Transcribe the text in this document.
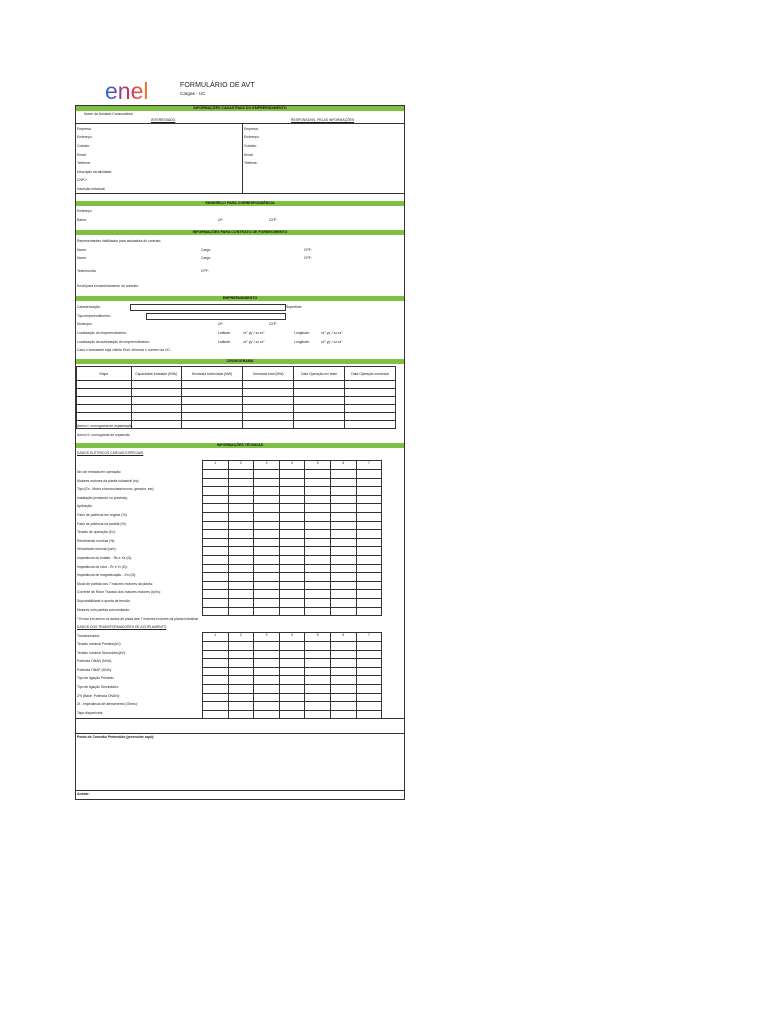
enel	FORMULÁRIO DE AVT
Cargas - UC
INFORMAÇÕES CADASTRAIS DO EMPREENDIMENTO
Nome da Unidade Consumidora:
INTERESSADO	RESPONSÁVEL PELAS INFORMAÇÕES
Empresa:
Endereço:
Contato:
Email:
Telefone:
Descrição da atividade:
CNPJ:
Inscrição estadual:
Empresa:
Endereço:
Contato:
Email:
Telefone:
ENDEREÇO PARA CORRESPONDÊNCIA
Endereço:
Bairro:	UF:	CEP:
INFORMAÇÕES PARA CONTRATO DE FORNECIMENTO
Representantes habilitados para assinatura do contrato:
Nome:	Cargo:	CPF:
Nome:	Cargo:	CPF:
Testemunha:	CPF:
Email para encaminhamento do contrato:
EMPREENDIMENTO
Caracterização:	Superfície:
Tipo empreendimento:
Município:	UF:	CEP:
Localização do empreendimento:	Latitude:	xx° yy' / zz.zz"	Longitude:	xx° yy' / zz.zz"
Localização da subestação do empreendimento:	Latitude:	xx° yy' / zz.zz"	Longitude:	xx° yy' / zz.zz"
Caso o acessante seja cliente Enel, informar o número da UC:
CRONOGRAMA
Etapa	Capacidade instalada (MVA)	Demanda Adicionada (MW)	Demanda total (MW)	Data Operação em teste	Data Operação comercial

Anexo I: cronograma de implantação
Anexo II: cronograma de expansão
INFORMAÇÕES TÉCNICAS
DADOS ELÉTRICOS CARGAS ESPECIAIS
Nro de entrada em operação:
Motores motores da planta industrial (cv):
Tipo (Ex.: Motor síncrono/assíncrono, gerador, etc):
Instalação (existente ou prevista):
Aplicação:
Fator de potência em regime (%):
Fator de potência na partida (%):
Tensão de operação (kV):
Rendimento nominal (%):
Velocidade nominal (rpm):
Impedância do estator - Rs e Xs (Ω):
Impedância do rotor - Rr e Xr (Ω):
Impedância de magnetização - Xm (Ω):
Modo de partida dos 7 maiores motores da planta:
Corrente de Rotor Travado dos maiores motores (Ip/In):
Suportabilidade à queda de tensão:
Motores com partida concomitante:
1	2	3	4	5	6	7
* Enviar em anexo os dados de placa das 7 maiores motores da planta industrial
DADOS DOS TRANSFORMADORES DE ACOPLAMENTO
Transformador:
Tensão nominal Primário(kV):
Tensão nominal Secundário(kV):
Potência ONAN (MVA):
Potência ONAF (MVA):
Tipo de ligação Primário:
Tipo de ligação Secundário:
Z% (Base: Potência ONAN):
Zt - Impedância de aterramento (Ohms):
Tapo disponíveis:
1	2	3	4	5	6	7
Ponto de Conexão Pretendido (preencher aqui):
Anexar:
